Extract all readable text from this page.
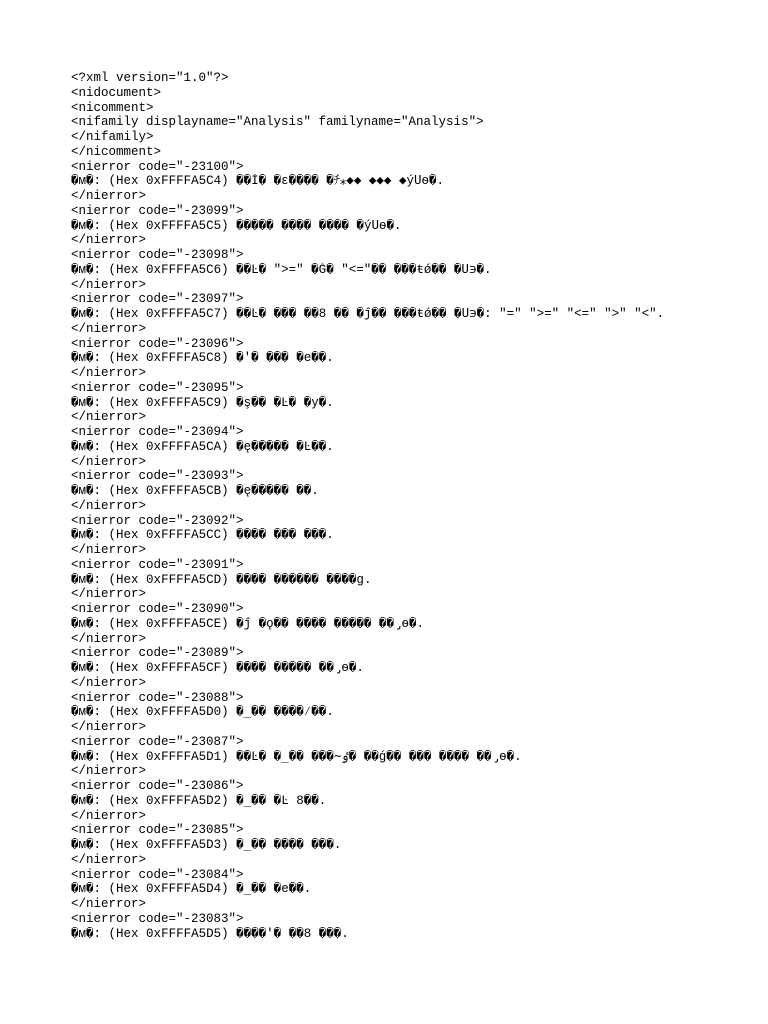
<?xml version="1.0"?>
<nidocument>
<nicomment>
<nifamily displayname="Analysis" familyname="Analysis">
</nifamily>
</nicomment>
<nierror code="-23100">
�м�: (Hex 0xFFFFA5C4) ��İ� �ε���� �ﾁ⁎◆◆ ◆◆◆ ◆ýՍѳ�.
</nierror>
<nierror code="-23099">
�м�: (Hex 0xFFFFA5C5) ����� ���� ���� �ýՍѳ�.
</nierror>
<nierror code="-23098">
�м�: (Hex 0xFFFFA5C6) ��Ŀ� ">=" �Ǵ� "<="�� ���ŧǿ�� �Ս϶�.
</nierror>
<nierror code="-23097">
�м�: (Hex 0xFFFFA5C7) ��Ŀ� ��� ��8 �� �ĵ�� ���ŧǿ�� �Ս϶�: "=" ">=" "<=" ">" "<".
</nierror>
<nierror code="-23096">
�м�: (Hex 0xFFFFA5C8) �'� ��� �е��.
</nierror>
<nierror code="-23095">
�м�: (Hex 0xFFFFA5C9) �ş�� �Ŀ� �у�.
</nierror>
<nierror code="-23094">
�м�: (Hex 0xFFFFA5CA) �ę����� �Ŀ��.
</nierror>
<nierror code="-23093">
�м�: (Hex 0xFFFFA5CB) �ę����� ��.
</nierror>
<nierror code="-23092">
�м�: (Hex 0xFFFFA5CC) ���� ��� ���.
</nierror>
<nierror code="-23091">
�м�: (Hex 0xFFFFA5CD) ���� ������ ����g.
</nierror>
<nierror code="-23090">
�м�: (Hex 0xFFFFA5CE) �ĵ �ǫ�� ���� ����� ��̡ѳ�.
</nierror>
<nierror code="-23089">
�м�: (Hex 0xFFFFA5CF) ���� ����� ��̡ѳ�.
</nierror>
<nierror code="-23088">
�м�: (Hex 0xFFFFA5D0) �̲�� ����⁄��.
</nierror>
<nierror code="-23087">
�м�: (Hex 0xFFFFA5D1) ��Ŀ� �̲�� ���̴ٶ� ��ǵ�� ��� ���� ��̡ѳ�.
</nierror>
<nierror code="-23086">
�м�: (Hex 0xFFFFA5D2) �̲�� �Ŀ 8��.
</nierror>
<nierror code="-23085">
�м�: (Hex 0xFFFFA5D3) �̲�� ���� ���.
</nierror>
<nierror code="-23084">
�м�: (Hex 0xFFFFA5D4) �̲�� �е��.
</nierror>
<nierror code="-23083">
�м�: (Hex 0xFFFFA5D5) ����ʹ� ��8 ���.
